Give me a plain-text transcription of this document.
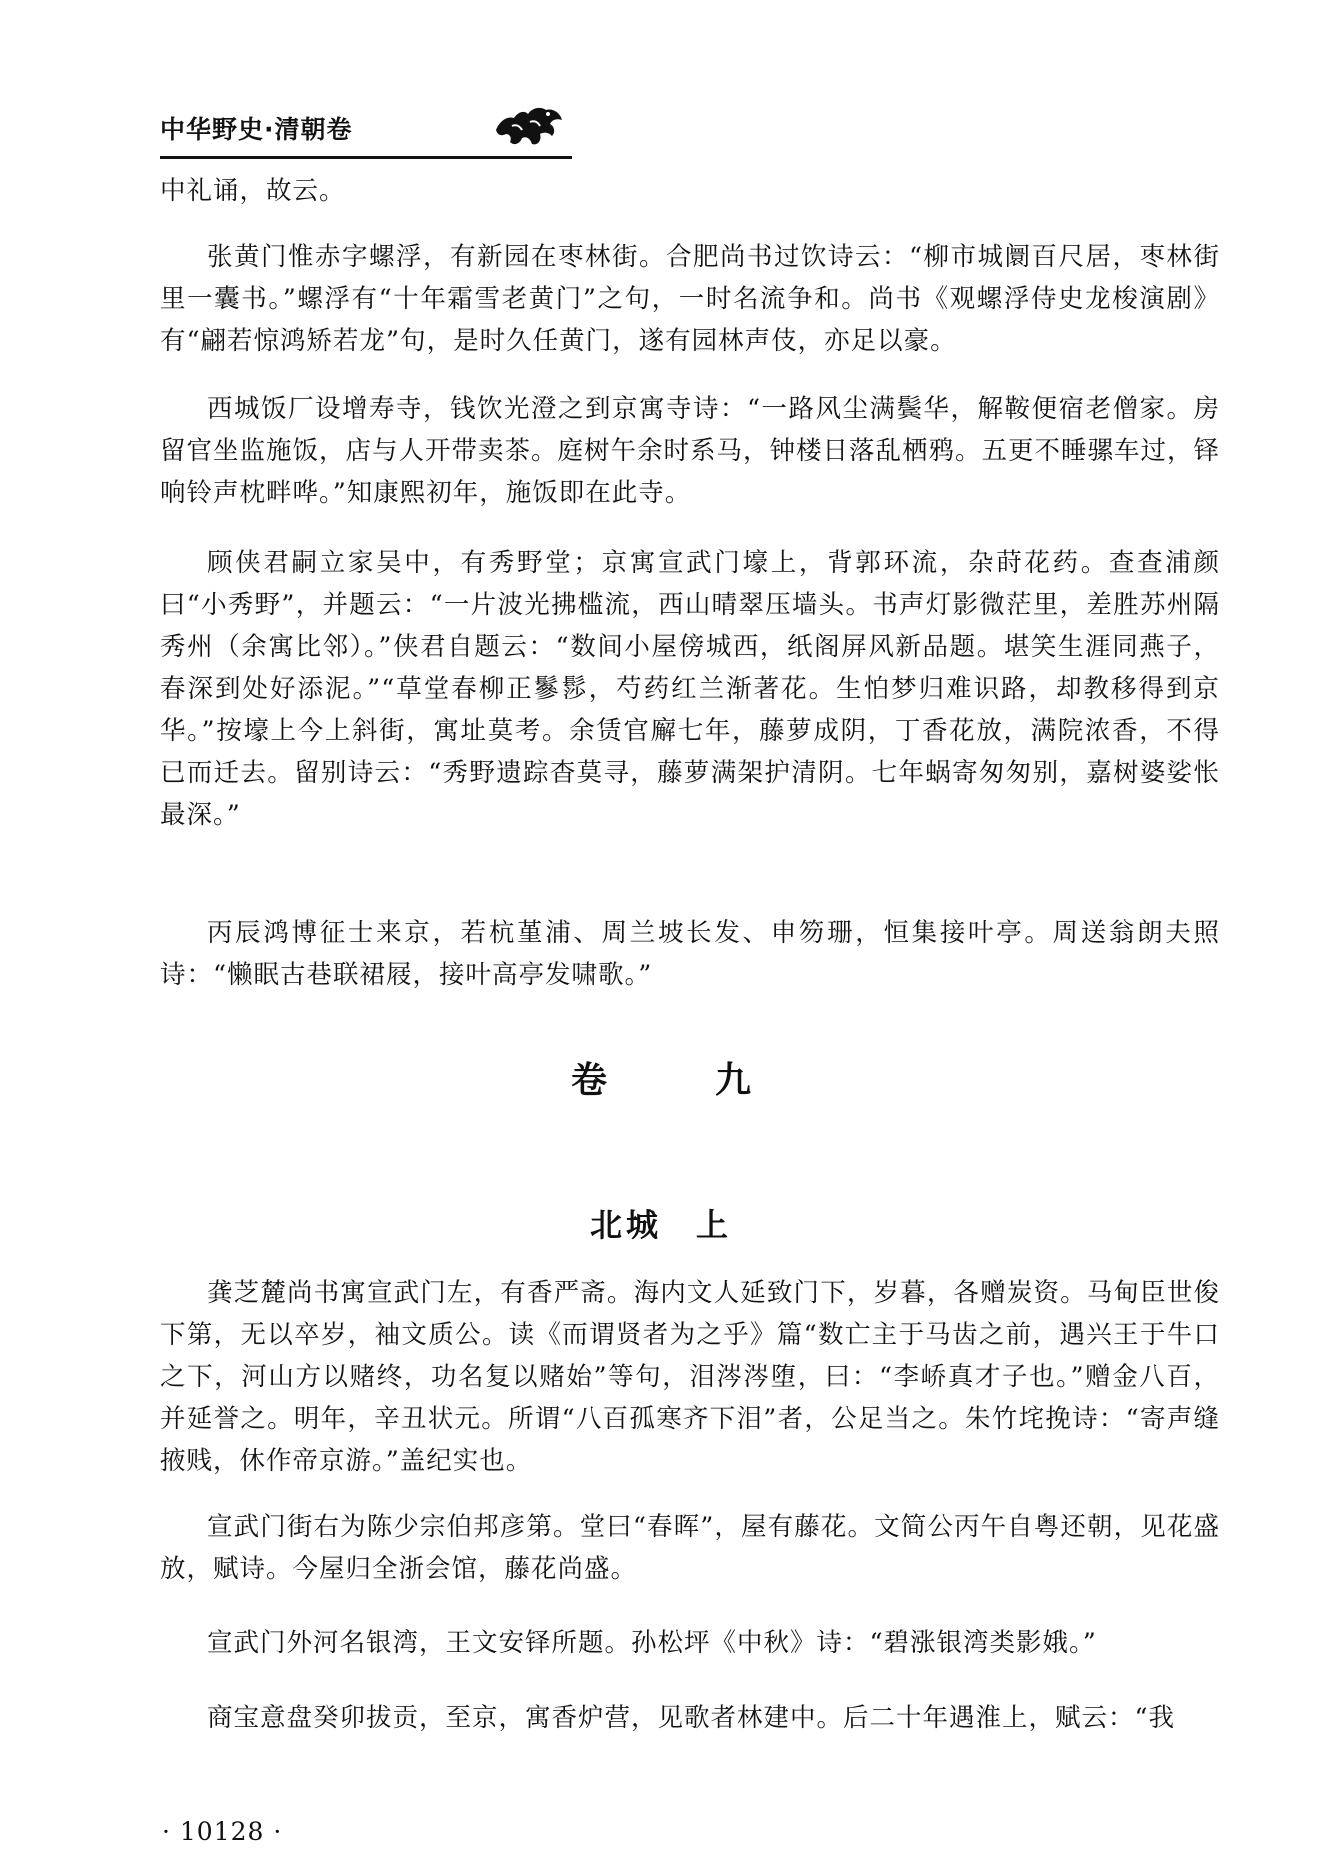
中华野史·清朝卷

中礼诵，故云。

张黄门惟赤字螺浮，有新园在枣林街。合肥尚书过饮诗云：“柳市城阛百尺居，枣林街里一囊书。”螺浮有“十年霜雪老黄门”之句，一时名流争和。尚书《观螺浮侍史龙梭演剧》有“翩若惊鸿矫若龙”句，是时久任黄门，遂有园林声伎，亦足以豪。

西城饭厂设增寿寺，钱饮光澄之到京寓寺诗：“一路风尘满鬓华，解鞍便宿老僧家。房留官坐监施饭，店与人开带卖茶。庭树午余时系马，钟楼日落乱栖鸦。五更不睡骡车过，铎响铃声枕畔哗。”知康熙初年，施饭即在此寺。

顾侠君嗣立家吴中，有秀野堂；京寓宣武门壕上，背郭环流，杂莳花药。查查浦颜曰“小秀野”，并题云：“一片波光拂槛流，西山晴翠压墙头。书声灯影微茫里，差胜苏州隔秀州（余寓比邻）。”侠君自题云：“数间小屋傍城西，纸阁屏风新品题。堪笑生涯同燕子，春深到处好添泥。”“草堂春柳正鬖髿，芍药红兰渐著花。生怕梦归难识路，却教移得到京华。”按壕上今上斜街，寓址莫考。余赁官廨七年，藤萝成阴，丁香花放，满院浓香，不得已而迁去。留别诗云：“秀野遗踪杳莫寻，藤萝满架护清阴。七年蜗寄匆匆别，嘉树婆娑怅最深。”

丙辰鸿博征士来京，若杭堇浦、周兰坡长发、申笏珊，恒集接叶亭。周送翁朗夫照诗：“懒眠古巷联裙屐，接叶高亭发啸歌。”

卷　九
北城 上

龚芝麓尚书寓宣武门左，有香严斋。海内文人延致门下，岁暮，各赠炭资。马甸臣世俊下第，无以卒岁，袖文质公。读《而谓贤者为之乎》篇“数亡主于马齿之前，遇兴王于牛口之下，河山方以赌终，功名复以赌始”等句，泪涔涔堕，曰：“李峤真才子也。”赠金八百，并延誉之。明年，辛丑状元。所谓“八百孤寒齐下泪”者，公足当之。朱竹垞挽诗：“寄声缝掖贱，休作帝京游。”盖纪实也。

宣武门街右为陈少宗伯邦彦第。堂曰“春晖”，屋有藤花。文简公丙午自粤还朝，见花盛放，赋诗。今屋归全浙会馆，藤花尚盛。

宣武门外河名银湾，王文安铎所题。孙松坪《中秋》诗：“碧涨银湾类影娥。”

商宝意盘癸卯拔贡，至京，寓香炉营，见歌者林建中。后二十年遇淮上，赋云：“我

· 10128 ·
